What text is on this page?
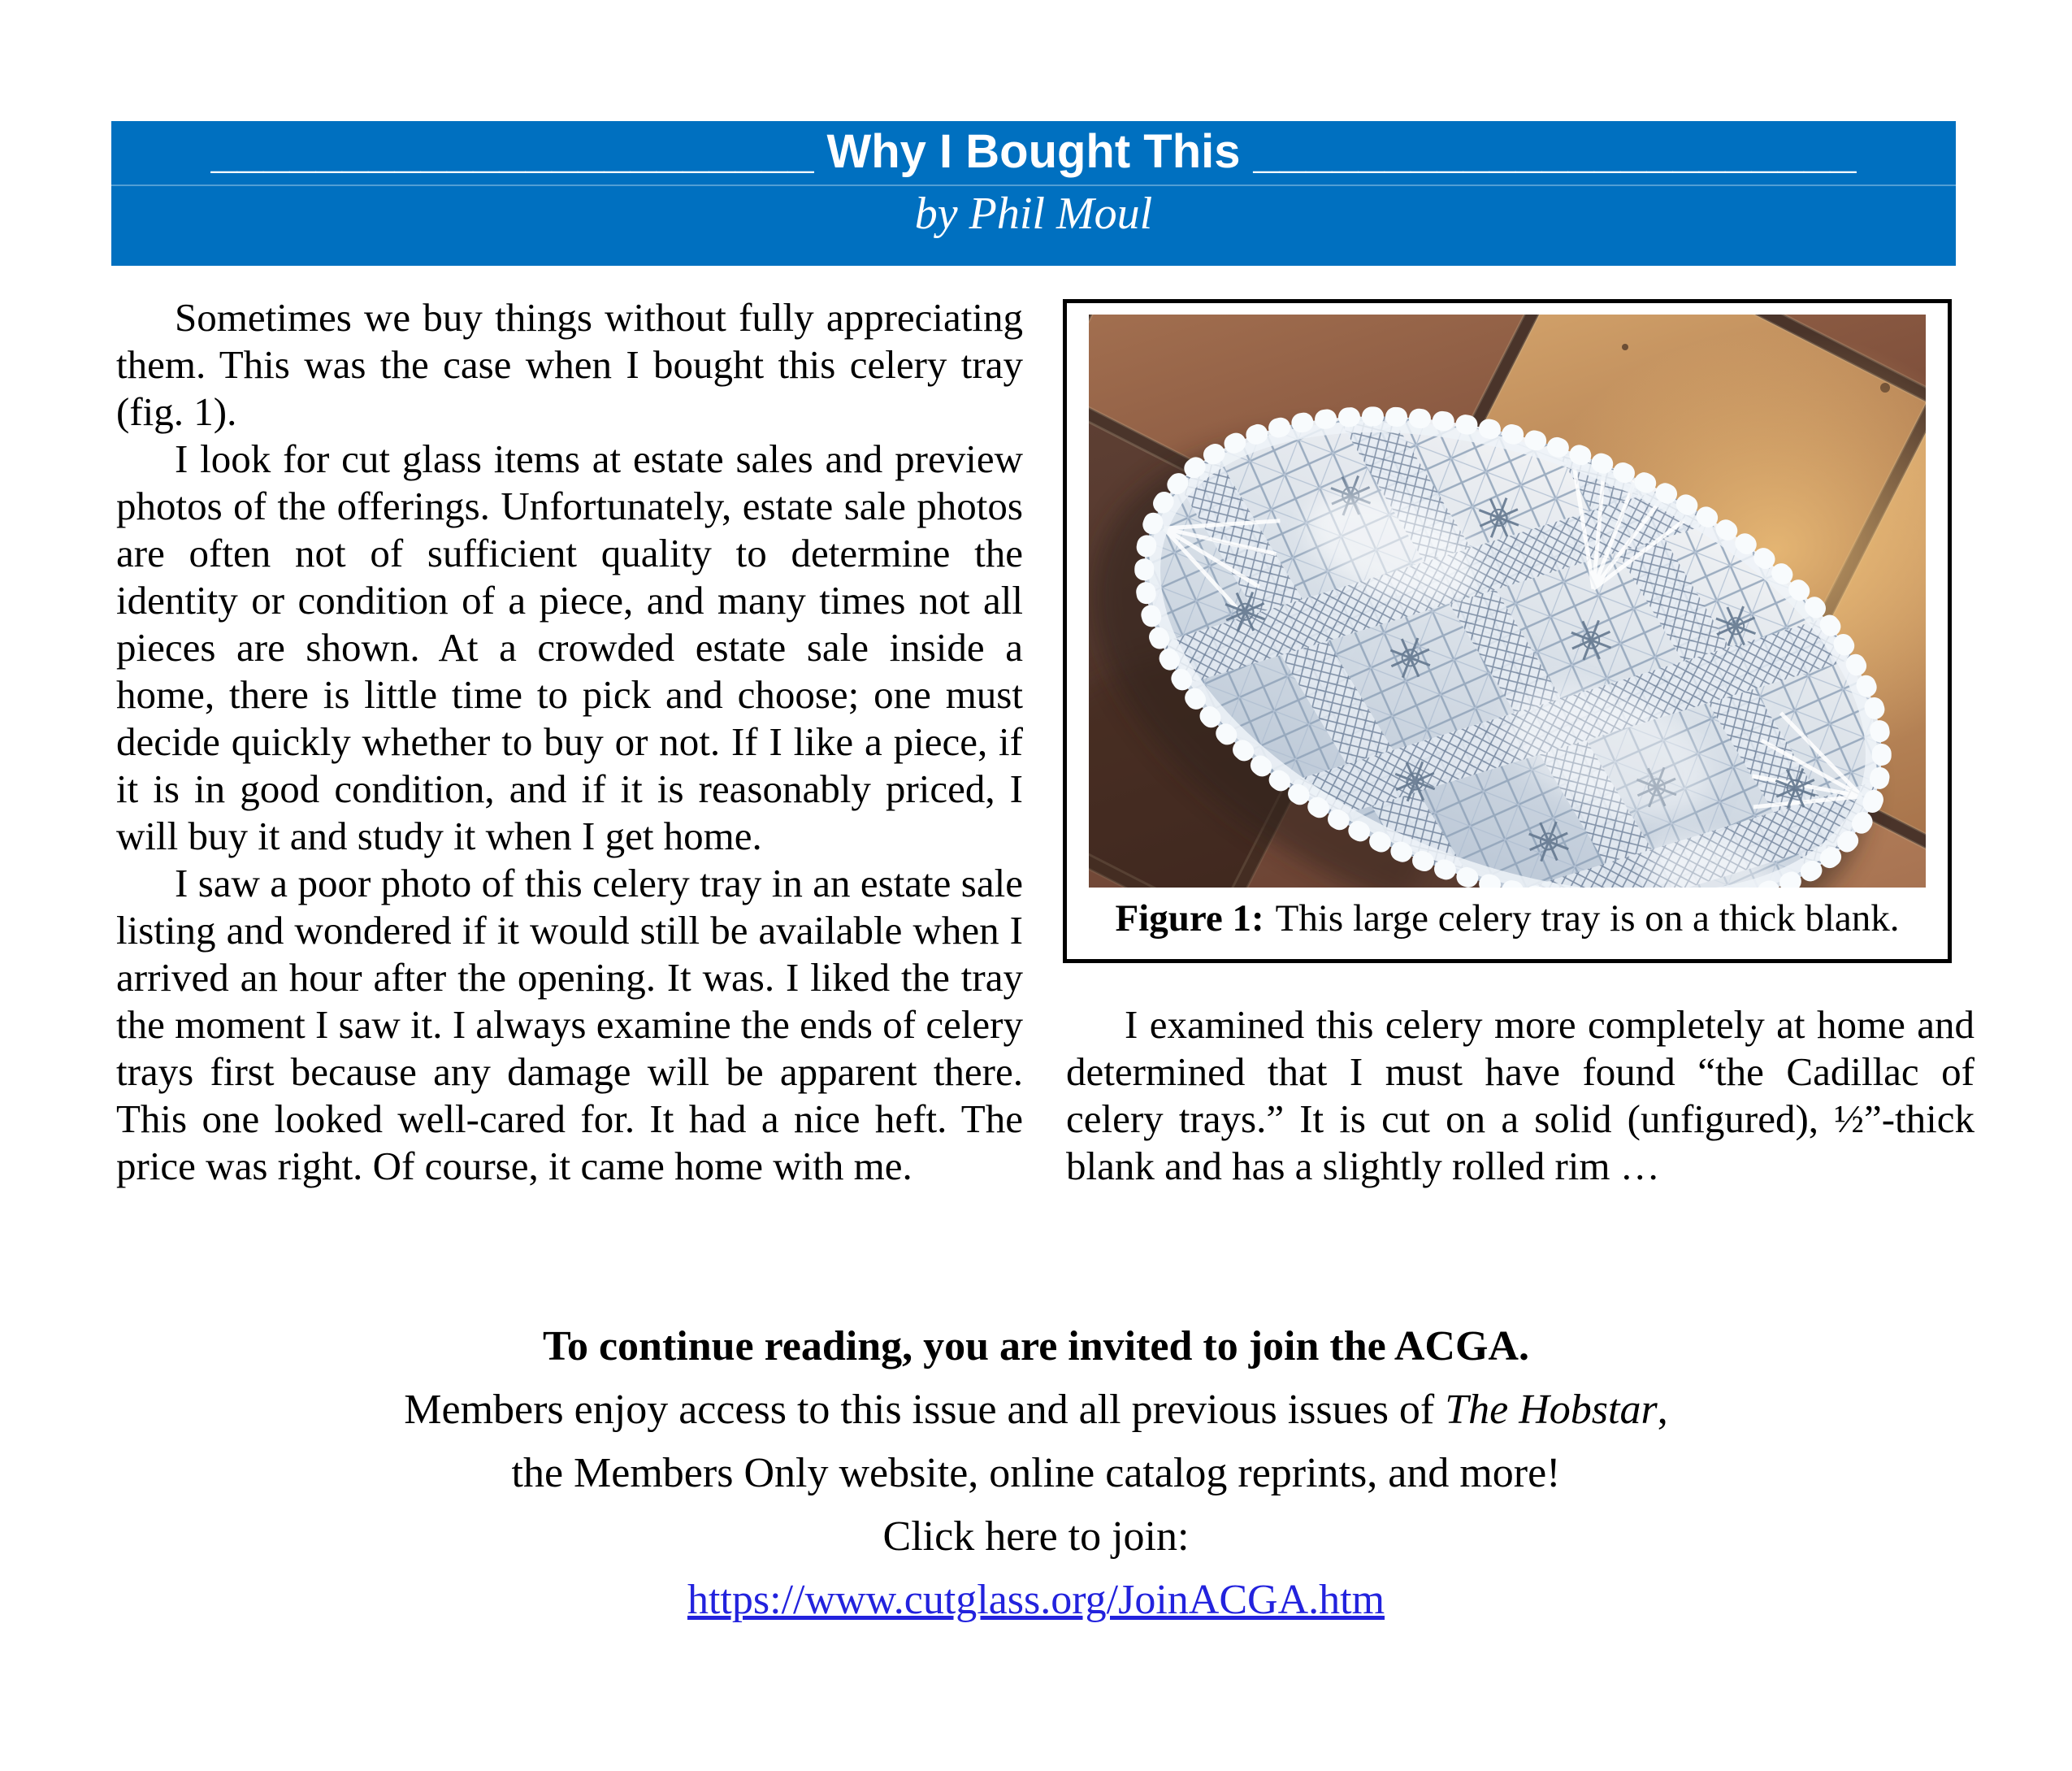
_______________________ Why I Bought This _______________________
by Phil Moul

Sometimes we buy things without fully appreciating them. This was the case when I bought this celery tray (fig. 1).

I look for cut glass items at estate sales and preview photos of the offerings. Unfortunately, estate sale photos are often not of sufficient quality to determine the identity or condition of a piece, and many times not all pieces are shown. At a crowded estate sale inside a home, there is little time to pick and choose; one must decide quickly whether to buy or not. If I like a piece, if it is in good condition, and if it is reasonably priced, I will buy it and study it when I get home.

I saw a poor photo of this celery tray in an estate sale listing and wondered if it would still be available when I arrived an hour after the opening. It was. I liked the tray the moment I saw it. I always examine the ends of celery trays first because any damage will be apparent there. This one looked well-cared for. It had a nice heft. The price was right. Of course, it came home with me.

Figure 1: This large celery tray is on a thick blank.

I examined this celery more completely at home and determined that I must have found “the Cadillac of celery trays.” It is cut on a solid (unfigured), ½”-thick blank and has a slightly rolled rim …

To continue reading, you are invited to join the ACGA.
Members enjoy access to this issue and all previous issues of The Hobstar,
the Members Only website, online catalog reprints, and more!
Click here to join:
https://www.cutglass.org/JoinACGA.htm
